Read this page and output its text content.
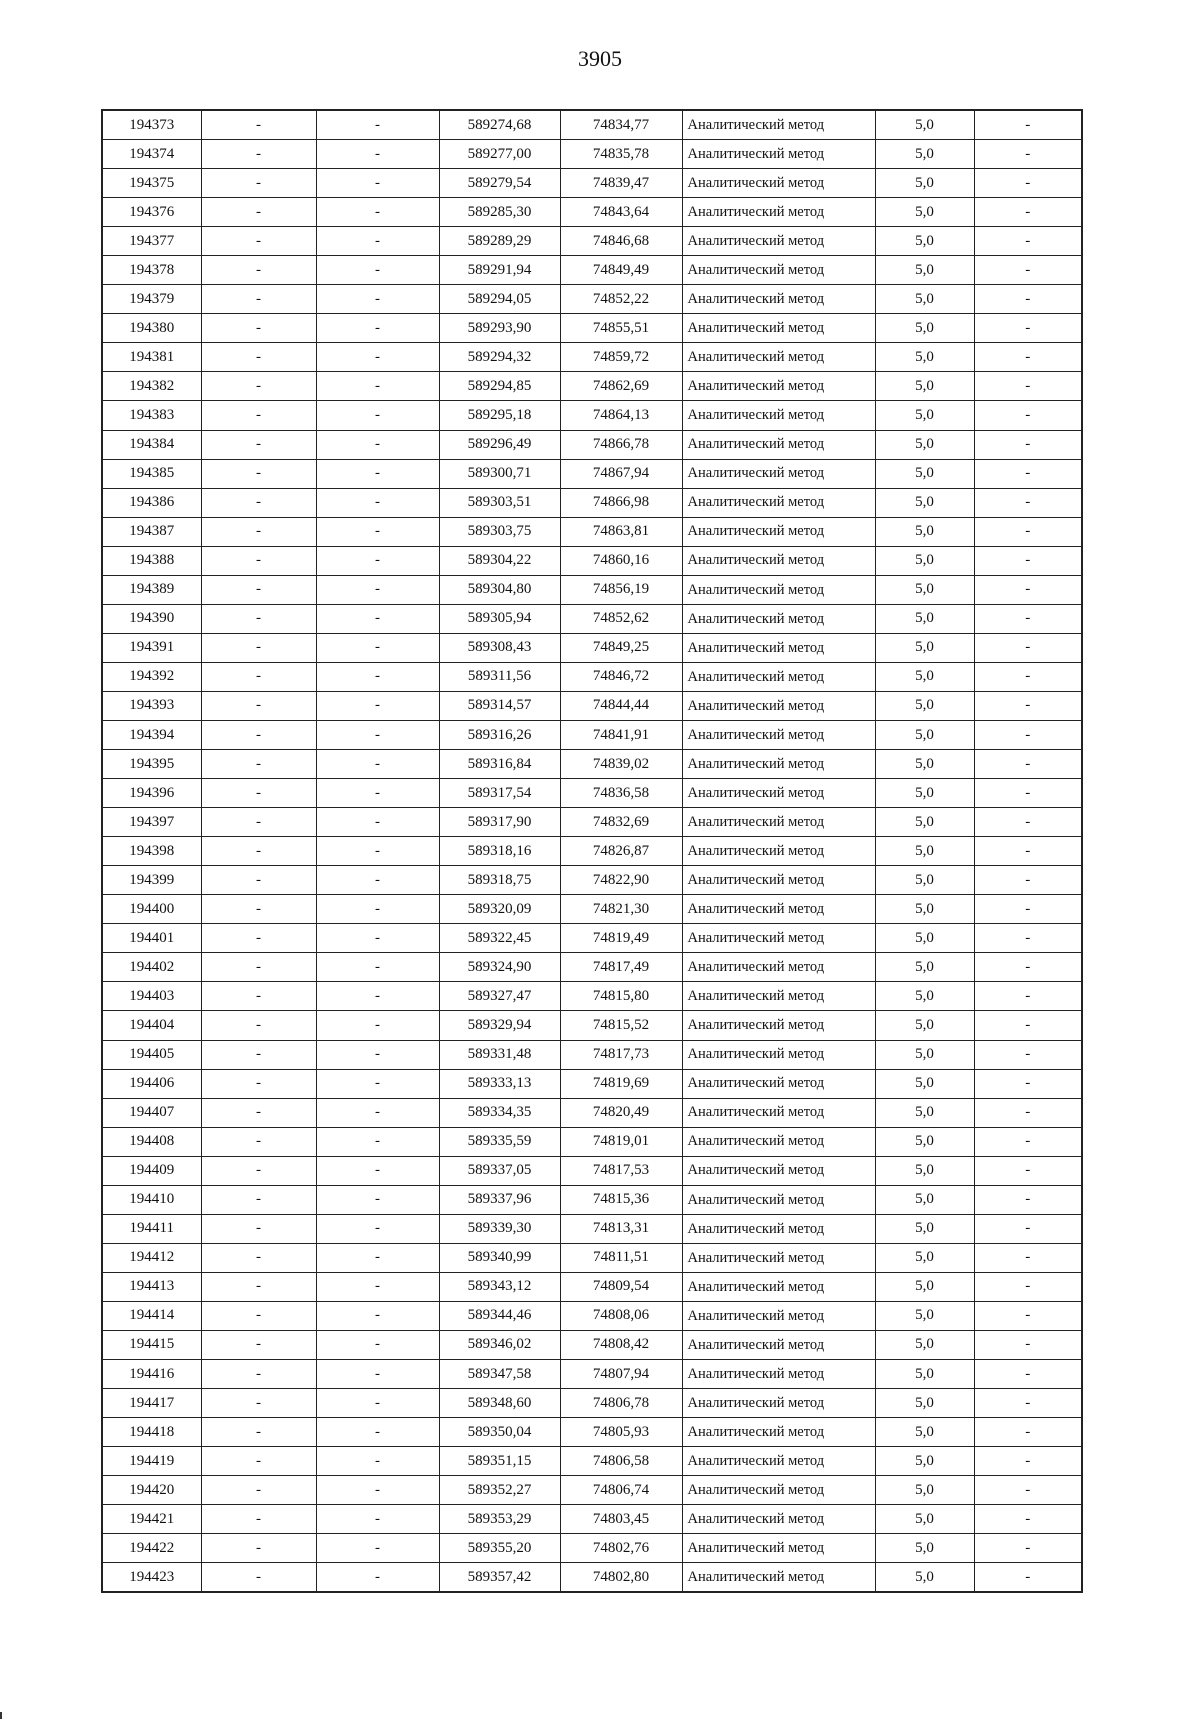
3905
194373	-	-	589274,68	74834,77	Аналитический метод	5,0	-
194374	-	-	589277,00	74835,78	Аналитический метод	5,0	-
194375	-	-	589279,54	74839,47	Аналитический метод	5,0	-
194376	-	-	589285,30	74843,64	Аналитический метод	5,0	-
194377	-	-	589289,29	74846,68	Аналитический метод	5,0	-
194378	-	-	589291,94	74849,49	Аналитический метод	5,0	-
194379	-	-	589294,05	74852,22	Аналитический метод	5,0	-
194380	-	-	589293,90	74855,51	Аналитический метод	5,0	-
194381	-	-	589294,32	74859,72	Аналитический метод	5,0	-
194382	-	-	589294,85	74862,69	Аналитический метод	5,0	-
194383	-	-	589295,18	74864,13	Аналитический метод	5,0	-
194384	-	-	589296,49	74866,78	Аналитический метод	5,0	-
194385	-	-	589300,71	74867,94	Аналитический метод	5,0	-
194386	-	-	589303,51	74866,98	Аналитический метод	5,0	-
194387	-	-	589303,75	74863,81	Аналитический метод	5,0	-
194388	-	-	589304,22	74860,16	Аналитический метод	5,0	-
194389	-	-	589304,80	74856,19	Аналитический метод	5,0	-
194390	-	-	589305,94	74852,62	Аналитический метод	5,0	-
194391	-	-	589308,43	74849,25	Аналитический метод	5,0	-
194392	-	-	589311,56	74846,72	Аналитический метод	5,0	-
194393	-	-	589314,57	74844,44	Аналитический метод	5,0	-
194394	-	-	589316,26	74841,91	Аналитический метод	5,0	-
194395	-	-	589316,84	74839,02	Аналитический метод	5,0	-
194396	-	-	589317,54	74836,58	Аналитический метод	5,0	-
194397	-	-	589317,90	74832,69	Аналитический метод	5,0	-
194398	-	-	589318,16	74826,87	Аналитический метод	5,0	-
194399	-	-	589318,75	74822,90	Аналитический метод	5,0	-
194400	-	-	589320,09	74821,30	Аналитический метод	5,0	-
194401	-	-	589322,45	74819,49	Аналитический метод	5,0	-
194402	-	-	589324,90	74817,49	Аналитический метод	5,0	-
194403	-	-	589327,47	74815,80	Аналитический метод	5,0	-
194404	-	-	589329,94	74815,52	Аналитический метод	5,0	-
194405	-	-	589331,48	74817,73	Аналитический метод	5,0	-
194406	-	-	589333,13	74819,69	Аналитический метод	5,0	-
194407	-	-	589334,35	74820,49	Аналитический метод	5,0	-
194408	-	-	589335,59	74819,01	Аналитический метод	5,0	-
194409	-	-	589337,05	74817,53	Аналитический метод	5,0	-
194410	-	-	589337,96	74815,36	Аналитический метод	5,0	-
194411	-	-	589339,30	74813,31	Аналитический метод	5,0	-
194412	-	-	589340,99	74811,51	Аналитический метод	5,0	-
194413	-	-	589343,12	74809,54	Аналитический метод	5,0	-
194414	-	-	589344,46	74808,06	Аналитический метод	5,0	-
194415	-	-	589346,02	74808,42	Аналитический метод	5,0	-
194416	-	-	589347,58	74807,94	Аналитический метод	5,0	-
194417	-	-	589348,60	74806,78	Аналитический метод	5,0	-
194418	-	-	589350,04	74805,93	Аналитический метод	5,0	-
194419	-	-	589351,15	74806,58	Аналитический метод	5,0	-
194420	-	-	589352,27	74806,74	Аналитический метод	5,0	-
194421	-	-	589353,29	74803,45	Аналитический метод	5,0	-
194422	-	-	589355,20	74802,76	Аналитический метод	5,0	-
194423	-	-	589357,42	74802,80	Аналитический метод	5,0	-
